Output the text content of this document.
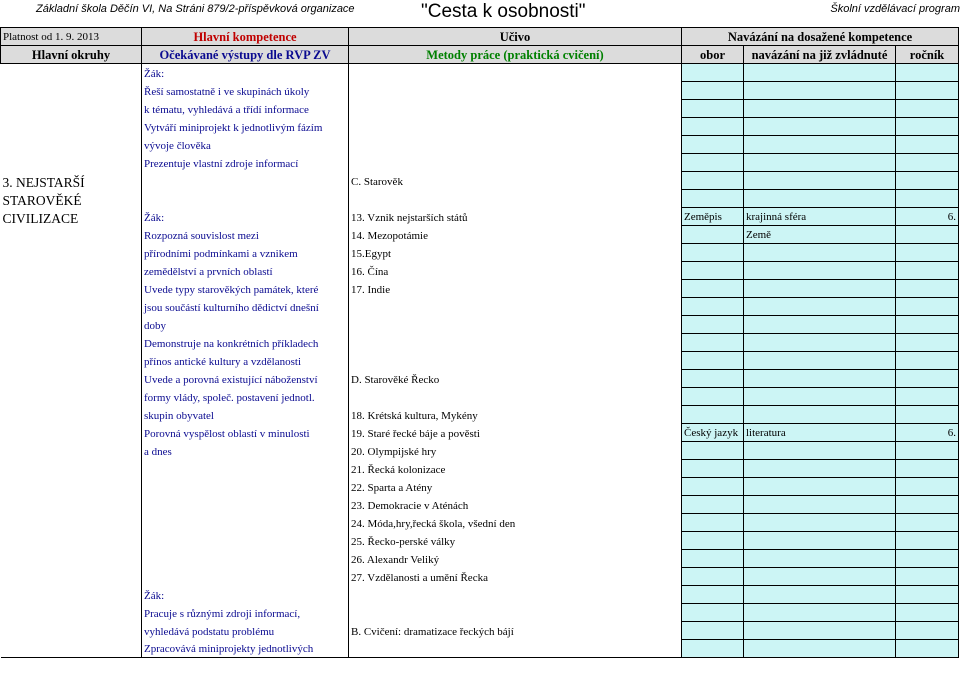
Základní škola Děčín VI, Na Stráni 879/2-příspěvková organizace	"Cesta k osobnosti"	Školní vzdělávací program
Platnost od 1. 9. 2013	Hlavní kompetence	Učivo	Navázání na dosažené kompetence		
Hlavní okruhy	Očekávané výstupy dle RVP ZV	Metody práce (praktická cvičení)	obor	navázání na již zvládnuté	ročník
	Žák:				
	Řeší samostatně i ve skupinách úkoly				
	k tématu, vyhledává a třídí informace				
	Vytváří miniprojekt k jednotlivým fázím				
	vývoje člověka				
	Prezentuje vlastní zdroje informací				
3. NEJSTARŠÍ		C. Starověk			
STAROVĚKÉ					
CIVILIZACE	Žák:	13. Vznik nejstarších států	Zeměpis	krajinná sféra	6.
	Rozpozná souvislost mezi	14. Mezopotámie		Země	
	přírodními podmínkami a vznikem	15.Egypt			
	zemědělství a prvních oblastí	16. Čína			
	Uvede typy starověkých památek, které	17. Indie			
	jsou součástí kulturního dědictví dnešní				
	doby				
	Demonstruje na konkrétních příkladech				
	přínos antické kultury a vzdělanosti				
	Uvede a porovná existující náboženství	D. Starověké Řecko			
	formy vlády, společ. postavení jednotl.				
	skupin obyvatel	18. Krétská kultura, Mykény			
	Porovná vyspělost oblastí v minulosti	19. Staré řecké báje a pověsti	Český jazyk	literatura	6.
	a dnes	20. Olympijské hry			
		21. Řecká kolonizace			
		22. Sparta a Atény			
		23. Demokracie v Aténách			
		24. Móda,hry,řecká škola, všední den			
		25. Řecko-perské války			
		26. Alexandr Veliký			
		27. Vzdělanosti a umění Řecka			
	Žák:				
	Pracuje s různými zdroji informací,				
	vyhledává podstatu problému	B. Cvičení: dramatizace řeckých bájí			
	Zpracovává miniprojekty jednotlivých				
